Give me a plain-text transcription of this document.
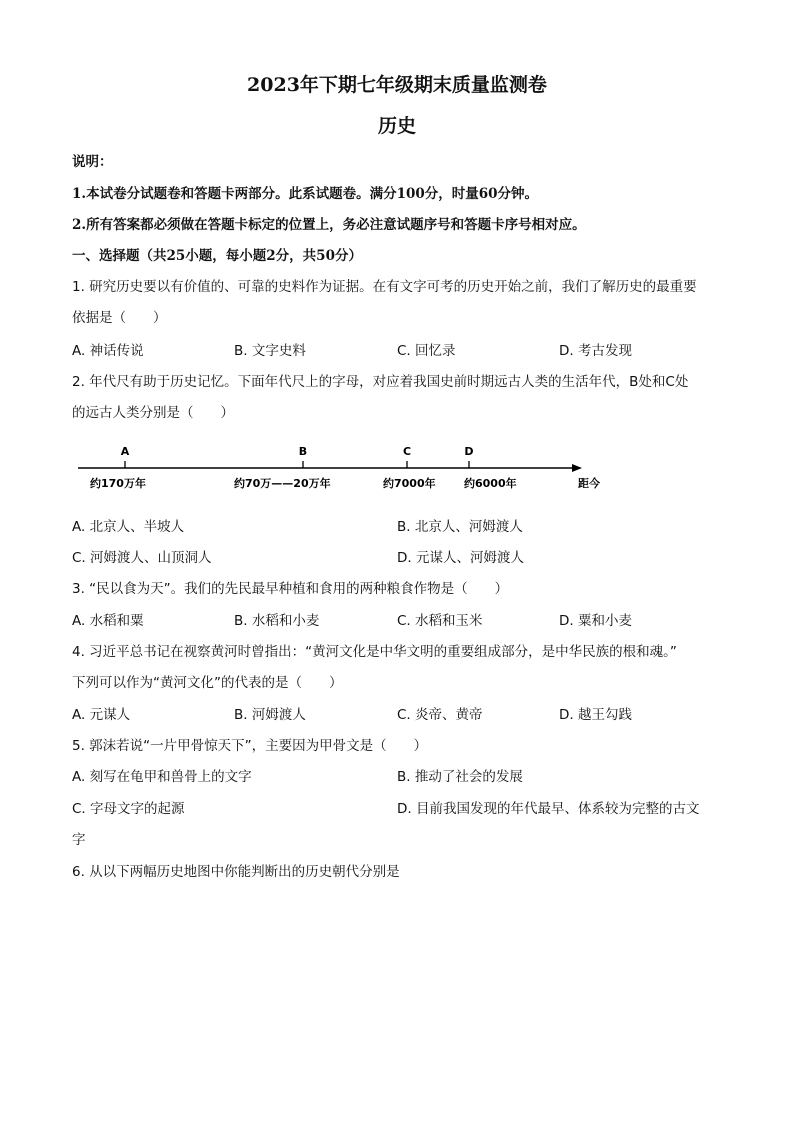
2023年下期七年级期末质量监测卷
历史
说明：
1.本试卷分试题卷和答题卡两部分。此系试题卷。满分100分，时量60分钟。
2.所有答案都必须做在答题卡标定的位置上，务必注意试题序号和答题卡序号相对应。
一、选择题（共25小题，每小题2分，共50分）
1. 研究历史要以有价值的、可靠的史料作为证据。在有文字可考的历史开始之前，我们了解历史的最重要
依据是（　　）
A. 神话传说	B. 文字史料	C. 回忆录	D. 考古发现
2. 年代尺有助于历史记忆。下面年代尺上的字母，对应着我国史前时期远古人类的生活年代，B处和C处
的远古人类分别是（　　）
A	B	C	D
约170万年	约70万——20万年	约7000年	约6000年	距今
A. 北京人、半坡人	B. 北京人、河姆渡人
C. 河姆渡人、山顶洞人	D. 元谋人、河姆渡人
3. “民以食为天”。我们的先民最早种植和食用的两种粮食作物是（　　）
A. 水稻和粟	B. 水稻和小麦	C. 水稻和玉米	D. 粟和小麦
4. 习近平总书记在视察黄河时曾指出：“黄河文化是中华文明的重要组成部分，是中华民族的根和魂。”
下列可以作为“黄河文化”的代表的是（　　）
A. 元谋人	B. 河姆渡人	C. 炎帝、黄帝	D. 越王勾践
5. 郭沫若说“一片甲骨惊天下”，主要因为甲骨文是（　　）
A. 刻写在龟甲和兽骨上的文字	B. 推动了社会的发展
C. 字母文字的起源	D. 目前我国发现的年代最早、体系较为完整的古文
字
6. 从以下两幅历史地图中你能判断出的历史朝代分别是
